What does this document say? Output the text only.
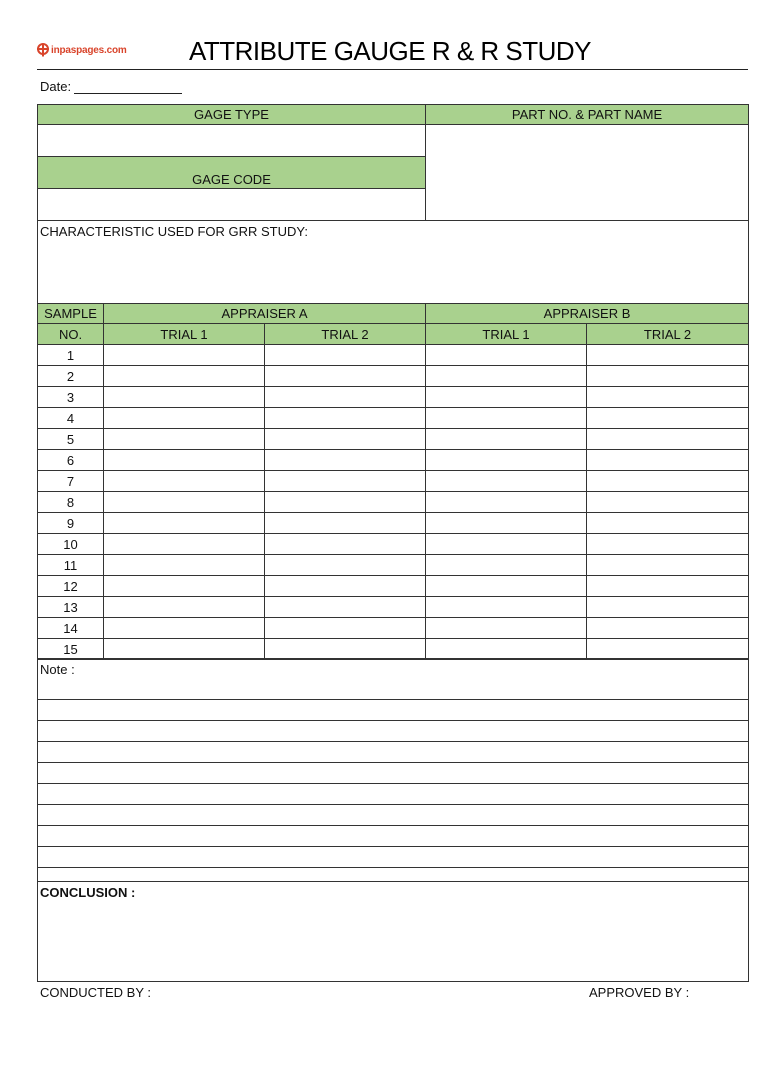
inpaspages.com	ATTRIBUTE GAUGE R & R STUDY
Date:
GAGE TYPE	PART NO. & PART NAME

GAGE CODE	

CHARACTERISTIC USED FOR GRR STUDY:	
SAMPLE	APPRAISER A		APPRAISER B	
NO.	TRIAL 1	TRIAL 2	TRIAL 1	TRIAL 2
1				
2				
3				
4				
5				
6				
7				
8				
9				
10				
11				
12				
13				
14				
15				
Note :

CONCLUSION :
CONDUCTED BY :	APPROVED BY :
